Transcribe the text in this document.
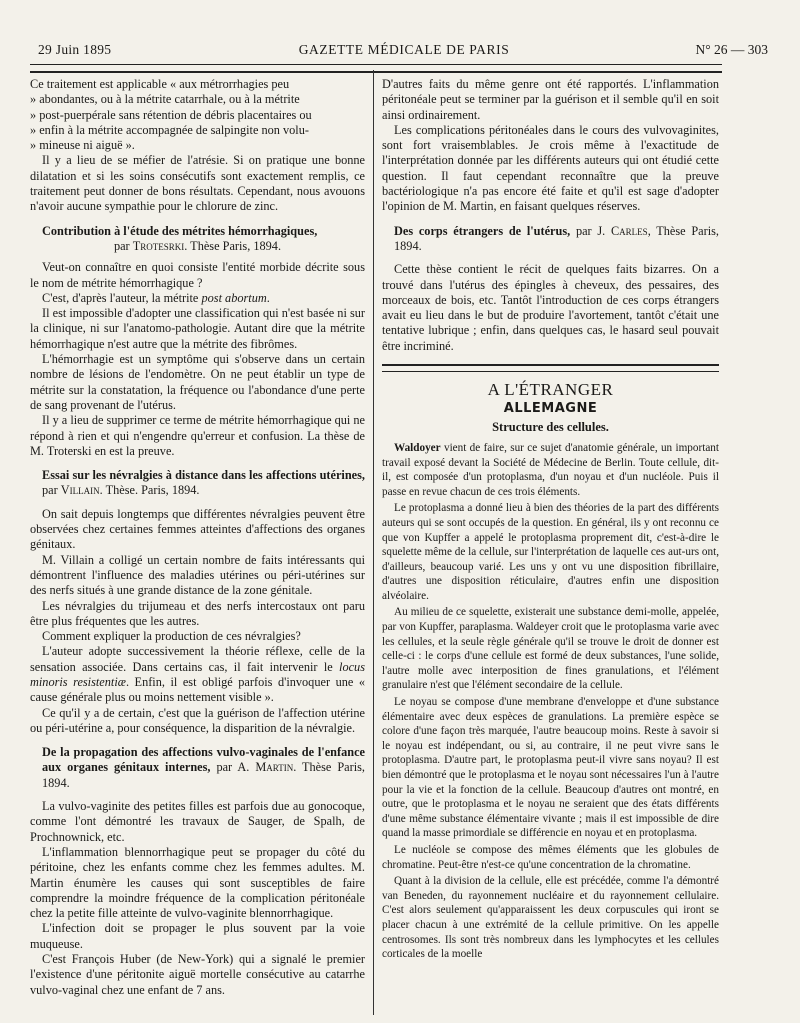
29 Juin 1895	GAZETTE MÉDICALE DE PARIS	N° 26 — 303

Ce traitement est applicable « aux métrorrhagies peu

» abondantes, ou à la métrite catarrhale, ou à la métrite

» post-puerpérale sans rétention de débris placentaires ou

» enfin à la métrite accompagnée de salpingite non volu-

» mineuse ni aiguë ».

Il y a lieu de se méfier de l'atrésie. Si on pratique une bonne dilatation et si les soins consécutifs sont exactement remplis, ce traitement peut donner de bons résultats. Cependant, nous avouons n'avoir aucune sympathie pour le chlorure de zinc.

Contribution à l'étude des métrites hémorrhagiques,
par Trotesrki. Thèse Paris, 1894.

Veut-on connaître en quoi consiste l'entité morbide décrite sous le nom de métrite hémorrhagique ?

C'est, d'après l'auteur, la métrite post abortum.

Il est impossible d'adopter une classification qui n'est basée ni sur la clinique, ni sur l'anatomo-pathologie. Autant dire que la métrite hémorrhagique n'est autre que la métrite des fibrômes.

L'hémorrhagie est un symptôme qui s'observe dans un certain nombre de lésions de l'endomètre. On ne peut établir un type de métrite sur la constatation, la fréquence ou l'abondance d'une perte de sang provenant de l'utérus.

Il y a lieu de supprimer ce terme de métrite hémorrhagique qui ne répond à rien et qui n'engendre qu'erreur et confusion. La thèse de M. Troterski en est la preuve.

Essai sur les névralgies à distance dans les affections utérines, par Villain. Thèse. Paris, 1894.

On sait depuis longtemps que différentes névralgies peuvent être observées chez certaines femmes atteintes d'affections des organes génitaux.

M. Villain a colligé un certain nombre de faits intéressants qui démontrent l'influence des maladies utérines ou péri-utérines sur des nerfs situés à une grande distance de la zone génitale.

Les névralgies du trijumeau et des nerfs intercostaux ont paru être plus fréquentes que les autres.

Comment expliquer la production de ces névralgies?

L'auteur adopte successivement la théorie réflexe, celle de la sensation associée. Dans certains cas, il fait intervenir le locus minoris resistentiæ. Enfin, il est obligé parfois d'invoquer une « cause générale plus ou moins nettement visible ».

Ce qu'il y a de certain, c'est que la guérison de l'affection utérine ou péri-utérine a, pour conséquence, la disparition de la névralgie.

De la propagation des affections vulvo-vaginales de l'enfance aux organes génitaux internes, par A. Martin. Thèse Paris, 1894.

La vulvo-vaginite des petites filles est parfois due au gonocoque, comme l'ont démontré les travaux de Sauger, de Spalh, de Prochnownick, etc.

L'inflammation blennorrhagique peut se propager du côté du péritoine, chez les enfants comme chez les femmes adultes. M. Martin énumère les causes qui sont susceptibles de faire comprendre la moindre fréquence de la complication péritonéale chez la petite fille atteinte de vulvo-vaginite blennorrhagique.

L'infection doit se propager le plus souvent par la voie muqueuse.

C'est François Huber (de New-York) qui a signalé le premier l'existence d'une péritonite aiguë mortelle consécutive au catarrhe vulvo-vaginal chez une enfant de 7 ans.

D'autres faits du même genre ont été rapportés. L'inflammation péritonéale peut se terminer par la guérison et il semble qu'il en soit ainsi ordinairement.

Les complications péritonéales dans le cours des vulvovaginites, sont fort vraisemblables. Je crois même à l'exactitude de l'interprétation donnée par les différents auteurs qui ont étudié cette question. Il faut cependant reconnaître que la preuve bactériologique n'a pas encore été faite et qu'il est sage d'adopter l'opinion de M. Martin, en faisant quelques réserves.

Des corps étrangers de l'utérus, par J. Carles, Thèse Paris, 1894.

Cette thèse contient le récit de quelques faits bizarres. On a trouvé dans l'utérus des épingles à cheveux, des pessaires, des morceaux de bois, etc. Tantôt l'introduction de ces corps étrangers avait eu lieu dans le but de produire l'avortement, tantôt c'était une tentative lubrique ; enfin, dans quelques cas, le hasard seul pouvait être incriminé.

A L'ÉTRANGER
ALLEMAGNE
Structure des cellules.

Waldoyer vient de faire, sur ce sujet d'anatomie générale, un important travail exposé devant la Société de Médecine de Berlin. Toute cellule, dit-il, est composée d'un protoplasma, d'un noyau et d'un nucléole. Puis il passe en revue chacun de ces trois éléments.

Le protoplasma a donné lieu à bien des théories de la part des différents auteurs qui se sont occupés de la question. En général, ils y ont reconnu ce que von Kupffer a appelé le protoplasma proprement dit, c'est-à-dire le squelette même de la cellule, sur l'interprétation de laquelle ces aut-urs ont, d'ailleurs, beaucoup varié. Les uns y ont vu une disposition fibrillaire, d'autres une disposition réticulaire, d'autres enfin une disposition alvéolaire.

Au milieu de ce squelette, existerait une substance demi-molle, appelée, par von Kupffer, paraplasma. Waldeyer croit que le protoplasma varie avec les cellules, et la seule règle générale qu'il se trouve le droit de donner est celle-ci : le corps d'une cellule est formé de deux substances, l'une solide, l'autre molle avec interposition de fines granulations, et l'élément granulaire n'est que l'élément secondaire de la cellule.

Le noyau se compose d'une membrane d'enveloppe et d'une substance élémentaire avec deux espèces de granulations. La première espèce se colore d'une façon très marquée, l'autre beaucoup moins. Reste à savoir si le noyau est indépendant, ou si, au contraire, il ne peut vivre sans le protoplasma. D'autre part, le protoplasma peut-il vivre sans noyau? Il est bien démontré que le protoplasma et le noyau sont nécessaires l'un à l'autre pour la vie et la fonction de la cellule. Beaucoup d'autres ont montré, en outre, que le protoplasma et le noyau ne seraient que des états différents d'une même substance élémentaire vivante ; mais il est impossible de dire quand la masse primordiale se différencie en noyau et en protoplasma.

Le nucléole se compose des mêmes éléments que les globules de chromatine. Peut-être n'est-ce qu'une concentration de la chromatine.

Quant à la division de la cellule, elle est précédée, comme l'a démontré van Beneden, du rayonnement nucléaire et du rayonnement cellulaire. C'est alors seulement qu'apparaissent les deux corpuscules qui iront se placer chacun à une extrémité de la cellule primitive. On les appelle centrosomes. Ils sont très nombreux dans les lymphocytes et les cellules corticales de la moelle
